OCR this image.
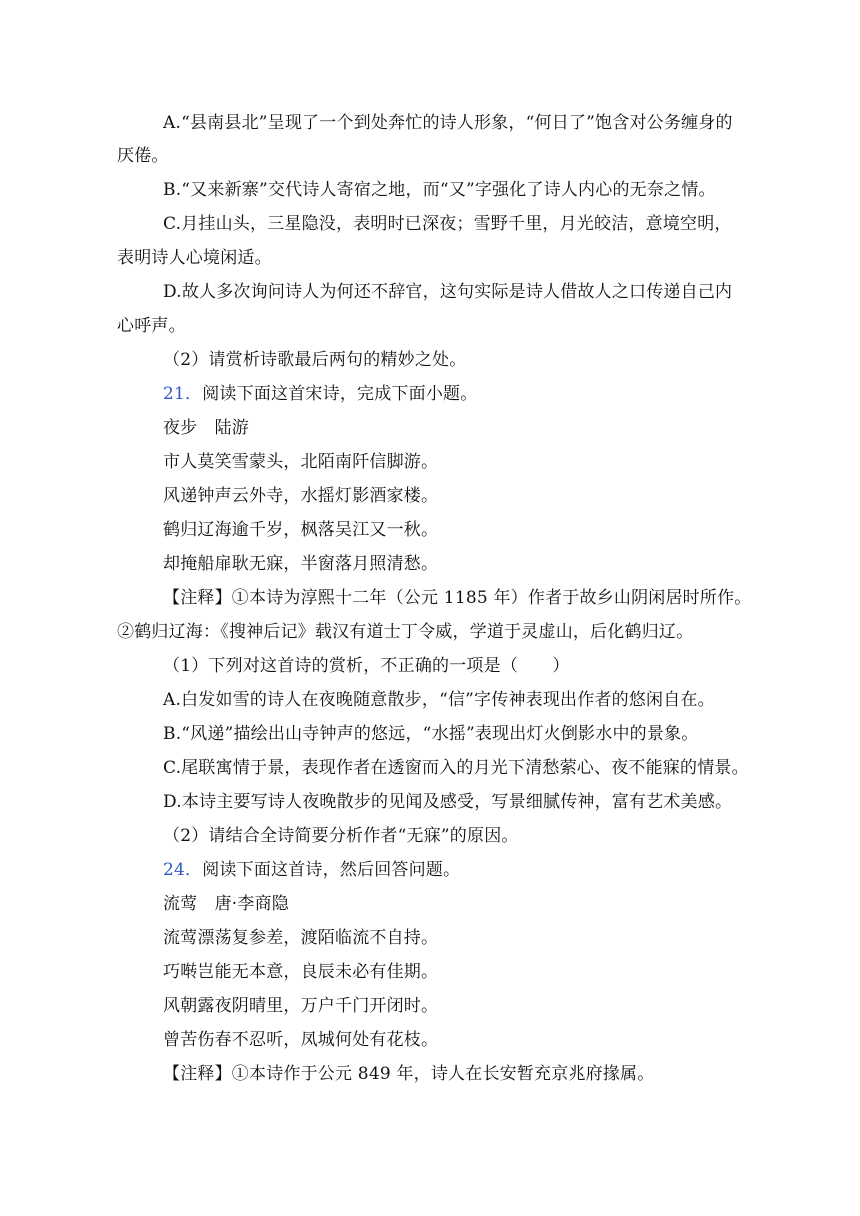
A.“县南县北”呈现了一个到处奔忙的诗人形象，“何日了”饱含对公务缠身的
厌倦。
B.“又来新寨”交代诗人寄宿之地，而“又”字强化了诗人内心的无奈之情。
C.月挂山头，三星隐没，表明时已深夜；雪野千里，月光皎洁，意境空明，
表明诗人心境闲适。
D.故人多次询问诗人为何还不辞官，这句实际是诗人借故人之口传递自己内
心呼声。
（2）请赏析诗歌最后两句的精妙之处。
21．阅读下面这首宋诗，完成下面小题。
夜步　陆游
市人莫笑雪蒙头，北陌南阡信脚游。
风递钟声云外寺，水摇灯影酒家楼。
鹤归辽海逾千岁，枫落吴江又一秋。
却掩船扉耿无寐，半窗落月照清愁。
【注释】①本诗为淳熙十二年（公元 1185 年）作者于故乡山阴闲居时所作。
②鹤归辽海：《搜神后记》载汉有道士丁令威，学道于灵虚山，后化鹤归辽。
（1）下列对这首诗的赏析，不正确的一项是（　　）
A.白发如雪的诗人在夜晚随意散步，“信”字传神表现出作者的悠闲自在。
B.“风递”描绘出山寺钟声的悠远，“水摇”表现出灯火倒影水中的景象。
C.尾联寓情于景，表现作者在透窗而入的月光下清愁萦心、夜不能寐的情景。
D.本诗主要写诗人夜晚散步的见闻及感受，写景细腻传神，富有艺术美感。
（2）请结合全诗简要分析作者“无寐”的原因。
24．阅读下面这首诗，然后回答问题。
流莺　唐·李商隐
流莺漂荡复参差，渡陌临流不自持。
巧啭岂能无本意，良辰未必有佳期。
风朝露夜阴晴里，万户千门开闭时。
曾苦伤春不忍听，凤城何处有花枝。
【注释】①本诗作于公元 849 年，诗人在长安暂充京兆府掾属。
